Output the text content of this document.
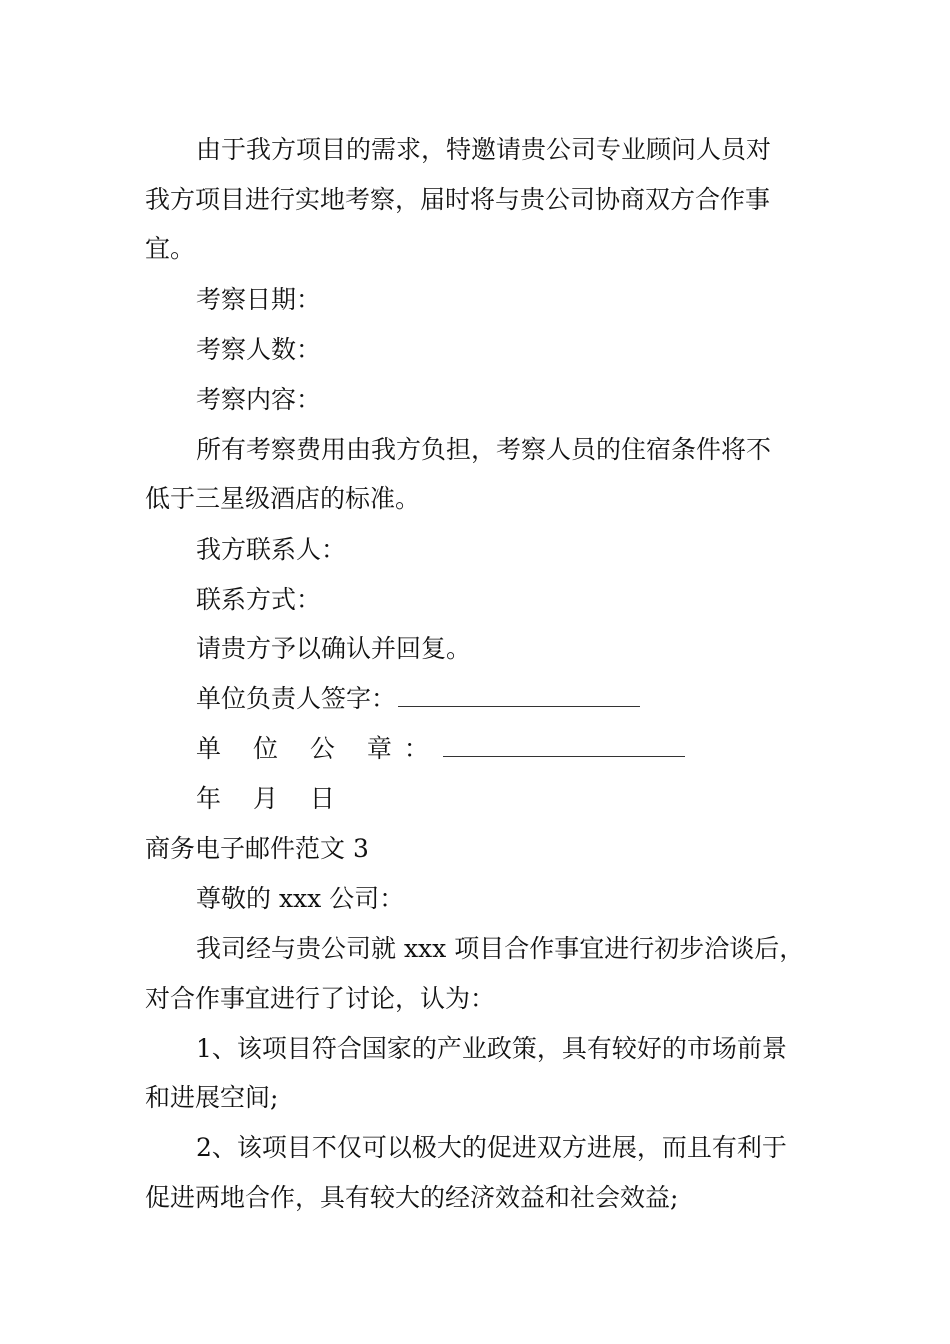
由于我方项目的需求，特邀请贵公司专业顾问人员对
我方项目进行实地考察，届时将与贵公司协商双方合作事
宜。
考察日期：
考察人数：
考察内容：
所有考察费用由我方负担，考察人员的住宿条件将不
低于三星级酒店的标准。
我方联系人：
联系方式：
请贵方予以确认并回复。
单位负责人签字：
单 位 公 章：
年 月 日
商务电子邮件范文 3
尊敬的 xxx 公司：
我司经与贵公司就 xxx 项目合作事宜进行初步洽谈后，
对合作事宜进行了讨论，认为：
1、该项目符合国家的产业政策，具有较好的市场前景
和进展空间;
2、该项目不仅可以极大的促进双方进展，而且有利于
促进两地合作，具有较大的经济效益和社会效益;
